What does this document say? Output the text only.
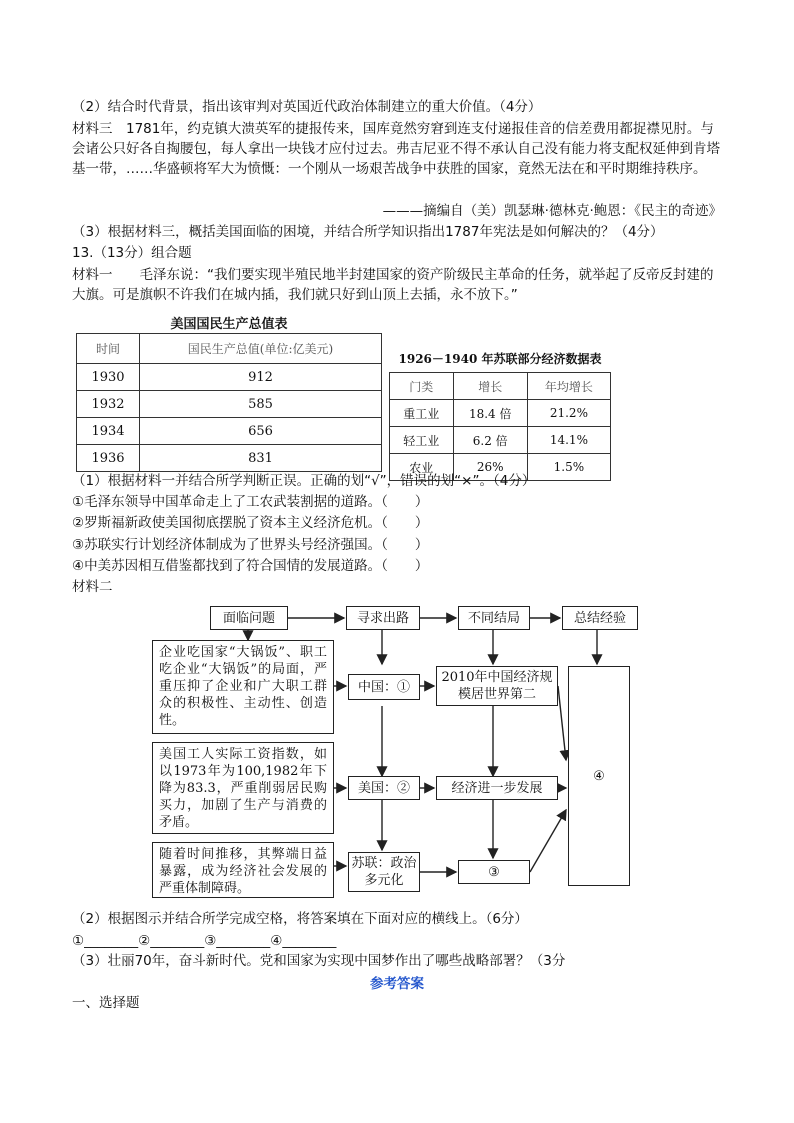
（2）结合时代背景，指出该审判对英国近代政治体制建立的重大价值。（4分）
材料三　1781年，约克镇大溃英军的捷报传来，国库竟然穷窘到连支付递报佳音的信差费用都捉襟见肘。与会诸公只好各自掏腰包，每人拿出一块钱才应付过去。弗吉尼亚不得不承认自己没有能力将支配权延伸到肯塔基一带，……华盛顿将军大为愤慨：一个刚从一场艰苦战争中获胜的国家，竟然无法在和平时期维持秩序。
———摘编自（美）凯瑟琳·德林克·鲍恩：《民主的奇迹》
（3）根据材料三，概括美国面临的困境，并结合所学知识指出1787年宪法是如何解决的？（4分）
13.（13分）组合题
材料一　　毛泽东说：“我们要实现半殖民地半封建国家的资产阶级民主革命的任务，就举起了反帝反封建的大旗。可是旗帜不许我们在城内插，我们就只好到山顶上去插，永不放下。”
美国国民生产总值表
时间	国民生产总值(单位:亿美元)
1930	912
1932	585
1934	656
1936	831
1926－1940 年苏联部分经济数据表
门类	增长	年均增长
重工业	18.4 倍	21.2%
轻工业	6.2 倍	14.1%
农业	26%	1.5%
（1）根据材料一并结合所学判断正误。正确的划“√”，错误的划“×”。（4分）
①毛泽东领导中国革命走上了工农武装割据的道路。（　　）
②罗斯福新政使美国彻底摆脱了资本主义经济危机。（　　）
③苏联实行计划经济体制成为了世界头号经济强国。（　　）
④中美苏因相互借鉴都找到了符合国情的发展道路。（　　）
材料二
面临问题	寻求出路	不同结局	总结经验
企业吃国家“大锅饭”、职工吃企业“大锅饭”的局面，严重压抑了企业和广大职工群众的积极性、主动性、创造性。
美国工人实际工资指数，如以1973年为100,1982年下降为83.3，严重削弱居民购买力，加剧了生产与消费的矛盾。
随着时间推移，其弊端日益暴露，成为经济社会发展的严重体制障碍。
中国：①
美国：②
苏联：政治多元化
2010年中国经济规模居世界第二
经济进一步发展
③
④
（2）根据图示并结合所学完成空格，将答案填在下面对应的横线上。（6分）
①________②________③________④________
（3）壮丽70年，奋斗新时代。党和国家为实现中国梦作出了哪些战略部署？（3分
参考答案
一、选择题
